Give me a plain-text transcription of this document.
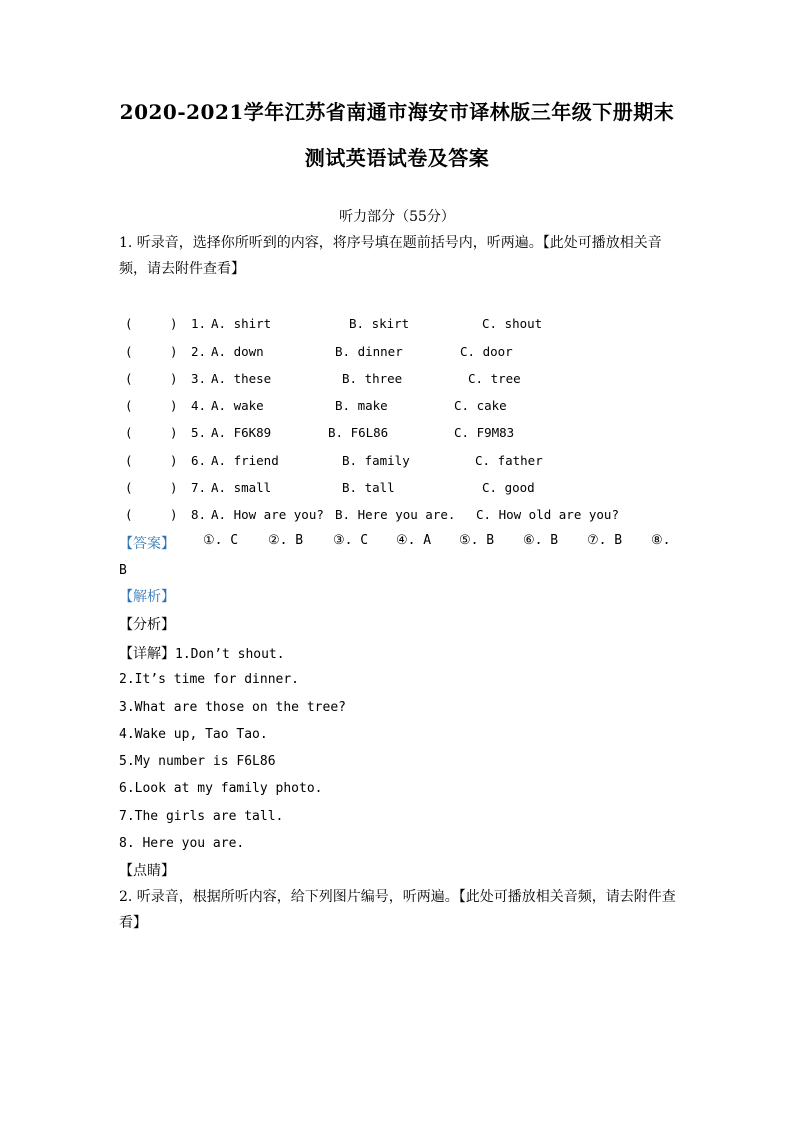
2020-2021学年江苏省南通市海安市译林版三年级下册期末
测试英语试卷及答案
听力部分（55分）
1. 听录音，选择你所听到的内容，将序号填在题前括号内，听两遍。【此处可播放相关音频，请去附件查看】
(	) 1. A. shirt	B. skirt	C. shout
(	) 2. A. down	B. dinner	C. door
(	) 3. A. these	B. three	C. tree
(	) 4. A. wake	B. make	C. cake
(	) 5. A. F6K89	B. F6L86	C. F9M83
(	) 6. A. friend	B. family	C. father
(	) 7. A. small	B. tall	C. good
(	) 8. A. How are you? B. Here you are. C. How old are you?
【答案】 ①. C ②. B ③. C ④. A ⑤. B ⑥. B ⑦. B ⑧.
B
【解析】
【分析】
【详解】1.Don’t shout.
2.It’s time for dinner.
3.What are those on the tree?
4.Wake up, Tao Tao.
5.My number is F6L86
6.Look at my family photo.
7.The girls are tall.
8. Here you are.
【点睛】
2. 听录音，根据所听内容，给下列图片编号，听两遍。【此处可播放相关音频，请去附件查看】
